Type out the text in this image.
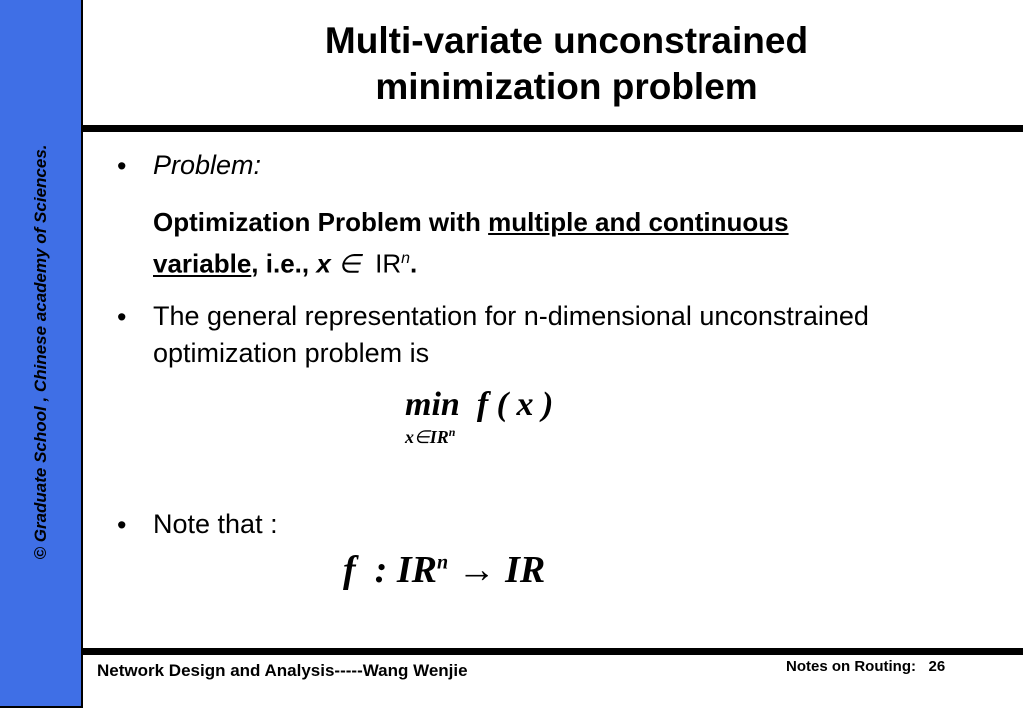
© Graduate School , Chinese academy of Sciences.
Multi-variate unconstrained
minimization problem
• Problem:
Optimization Problem with multiple and continuous
variable, i.e., x ∈ $IR^n$.
• The general representation for n-dimensional unconstrained
optimization problem is
min f ( x )
$x\in IR^n$
• Note that :
f : $IR^n$ → IR
Network Design and Analysis-----Wang Wenjie	Notes on Routing: 26
